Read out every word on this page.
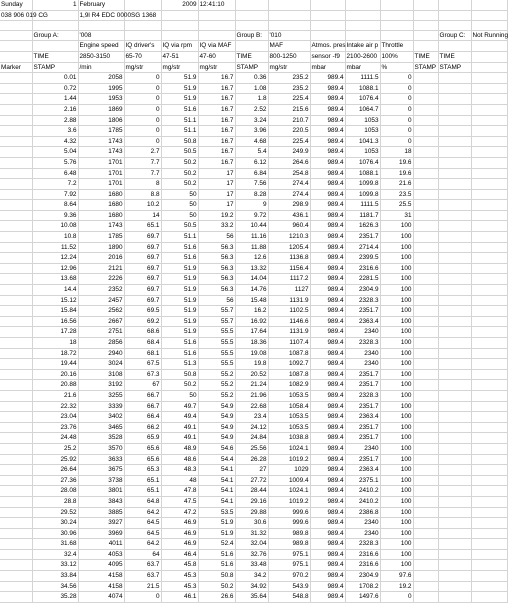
Sunday	1	February		2009	12:41:10								
038 906 019 CG		1,9l R4 EDC 0000SG 1368											

	Group A:	'008				Group B:	'010					Group C:	Not Running
		Engine speed	IQ driver's	IQ via rpm	IQ via MAF		MAF	Atmos. pres	Intake air p	Throttle			
	TIME	2850-3150	65-70	47-51	47-60	TIME	800-1250	sensor -f9	2100-2600	100%	TIME	TIME	
Marker	STAMP	/min	mg/str	mg/str	mg/str	STAMP	mg/str	mbar	mbar	%	STAMP	STAMP	
	0.01	2058	0	51.9	16.7	0.36	235.2	989.4	1111.5	0			
	0.72	1995	0	51.9	16.7	1.08	235.2	989.4	1088.1	0			
	1.44	1953	0	51.9	16.7	1.8	225.4	989.4	1076.4	0			
	2.16	1869	0	51.6	16.7	2.52	215.6	989.4	1064.7	0			
	2.88	1806	0	51.1	16.7	3.24	210.7	989.4	1053	0			
	3.6	1785	0	51.1	16.7	3.96	220.5	989.4	1053	0			
	4.32	1743	0	50.8	16.7	4.68	225.4	989.4	1041.3	0			
	5.04	1743	2.7	50.5	16.7	5.4	249.9	989.4	1053	18			
	5.76	1701	7.7	50.2	16.7	6.12	264.6	989.4	1076.4	19.6			
	6.48	1701	7.7	50.2	17	6.84	254.8	989.4	1088.1	19.6			
	7.2	1701	8	50.2	17	7.56	274.4	989.4	1099.8	21.6			
	7.92	1680	8.8	50	17	8.28	274.4	989.4	1099.8	23.5			
	8.64	1680	10.2	50	17	9	298.9	989.4	1111.5	25.5			
	9.36	1680	14	50	19.2	9.72	436.1	989.4	1181.7	31			
	10.08	1743	65.1	50.5	33.2	10.44	960.4	989.4	1626.3	100			
	10.8	1785	69.7	51.1	56	11.16	1210.3	989.4	2351.7	100			
	11.52	1890	69.7	51.6	56.3	11.88	1205.4	989.4	2714.4	100			
	12.24	2016	69.7	51.6	56.3	12.6	1136.8	989.4	2399.5	100			
	12.96	2121	69.7	51.9	56.3	13.32	1156.4	989.4	2316.6	100			
	13.68	2226	69.7	51.9	56.3	14.04	1117.2	989.4	2281.5	100			
	14.4	2352	69.7	51.9	56.3	14.76	1127	989.4	2304.9	100			
	15.12	2457	69.7	51.9	56	15.48	1131.9	989.4	2328.3	100			
	15.84	2562	69.5	51.9	55.7	16.2	1102.5	989.4	2351.7	100			
	16.56	2667	69.2	51.9	55.7	16.92	1146.6	989.4	2363.4	100			
	17.28	2751	68.6	51.9	55.5	17.64	1131.9	989.4	2340	100			
	18	2856	68.4	51.6	55.5	18.36	1107.4	989.4	2328.3	100			
	18.72	2940	68.1	51.6	55.5	19.08	1087.8	989.4	2340	100			
	19.44	3024	67.5	51.3	55.5	19.8	1092.7	989.4	2340	100			
	20.16	3108	67.3	50.8	55.2	20.52	1087.8	989.4	2351.7	100			
	20.88	3192	67	50.2	55.2	21.24	1082.9	989.4	2351.7	100			
	21.6	3255	66.7	50	55.2	21.96	1053.5	989.4	2328.3	100			
	22.32	3339	66.7	49.7	54.9	22.68	1058.4	989.4	2351.7	100			
	23.04	3402	66.4	49.4	54.9	23.4	1053.5	989.4	2363.4	100			
	23.76	3465	66.2	49.1	54.9	24.12	1053.5	989.4	2351.7	100			
	24.48	3528	65.9	49.1	54.9	24.84	1038.8	989.4	2351.7	100			
	25.2	3570	65.6	48.9	54.6	25.56	1024.1	989.4	2340	100			
	25.92	3633	65.6	48.6	54.4	26.28	1019.2	989.4	2351.7	100			
	26.64	3675	65.3	48.3	54.1	27	1029	989.4	2363.4	100			
	27.36	3738	65.1	48	54.1	27.72	1009.4	989.4	2375.1	100			
	28.08	3801	65.1	47.8	54.1	28.44	1024.1	989.4	2410.2	100			
	28.8	3843	64.8	47.5	54.1	29.16	1019.2	989.4	2410.2	100			
	29.52	3885	64.2	47.2	53.5	29.88	999.6	989.4	2386.8	100			
	30.24	3927	64.5	46.9	51.9	30.6	999.6	989.4	2340	100			
	30.96	3969	64.5	46.9	51.9	31.32	989.8	989.4	2340	100			
	31.68	4011	64.2	46.9	52.4	32.04	989.8	989.4	2328.3	100			
	32.4	4053	64	46.4	51.6	32.76	975.1	989.4	2316.6	100			
	33.12	4095	63.7	45.8	51.6	33.48	975.1	989.4	2316.6	100			
	33.84	4158	63.7	45.3	50.8	34.2	970.2	989.4	2304.9	97.6			
	34.56	4158	21.5	45.3	50.2	34.92	543.9	989.4	1708.2	19.2			
	35.28	4074	0	46.1	26.6	35.64	548.8	989.4	1497.6	0			
